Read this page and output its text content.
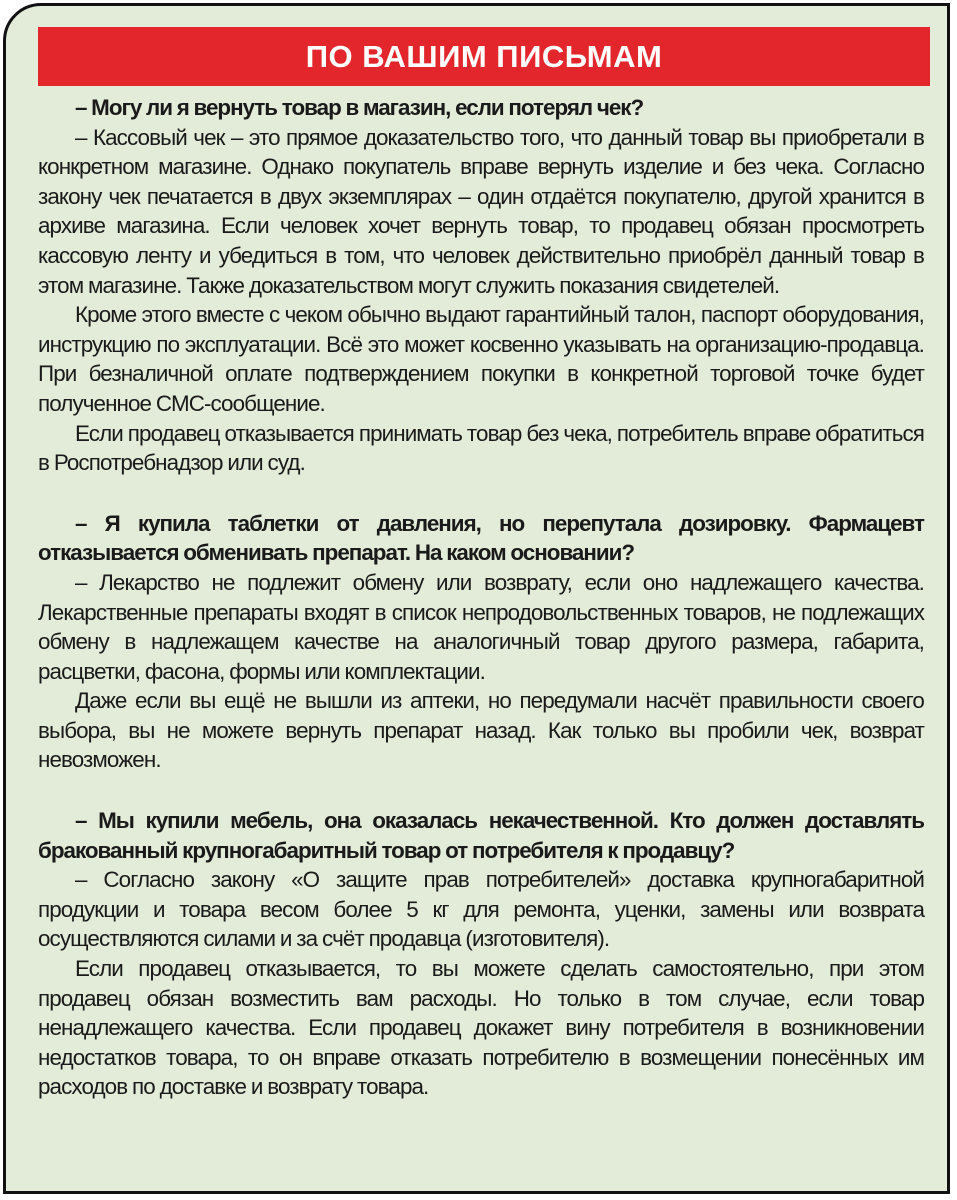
ПО ВАШИМ ПИСЬМАМ

– Могу ли я вернуть товар в магазин, если потерял чек?

– Кассовый чек – это прямое доказательство того, что данный товар вы приобретали в конкретном магазине. Однако покупатель вправе вернуть изделие и без чека. Согласно закону чек печатается в двух экземплярах – один отдаётся покупателю, другой хранится в архиве магазина. Если человек хочет вернуть товар, то продавец обязан просмотреть кассовую ленту и убедиться в том, что человек действительно приобрёл данный товар в этом магазине. Также доказательством могут служить показания свидетелей.

Кроме этого вместе с чеком обычно выдают гарантийный талон, паспорт оборудования, инструкцию по эксплуатации. Всё это может косвенно указывать на организацию-продавца. При безналичной оплате подтверждением покупки в конкретной торговой точке будет полученное СМС-сообщение.

Если продавец отказывается принимать товар без чека, потребитель вправе обратиться в Роспотребнадзор или суд.

– Я купила таблетки от давления, но перепутала дозировку. Фармацевт отказывается обменивать препарат. На каком основании?

– Лекарство не подлежит обмену или возврату, если оно надлежащего качества. Лекарственные препараты входят в список непродовольственных товаров, не подлежащих обмену в надлежащем качестве на аналогичный товар другого размера, габарита, расцветки, фасона, формы или комплектации.

Даже если вы ещё не вышли из аптеки, но передумали насчёт правильности своего выбора, вы не можете вернуть препарат назад. Как только вы пробили чек, возврат невозможен.

– Мы купили мебель, она оказалась некачественной. Кто должен доставлять бракованный крупногабаритный товар от потребителя к продавцу?

– Согласно закону «О защите прав потребителей» доставка крупногабаритной продукции и товара весом более 5 кг для ремонта, уценки, замены или возврата осуществляются силами и за счёт продавца (изготовителя).

Если продавец отказывается, то вы можете сделать самостоятельно, при этом продавец обязан возместить вам расходы. Но только в том случае, если товар ненадлежащего качества. Если продавец докажет вину потребителя в возникновении недостатков товара, то он вправе отказать потребителю в возмещении понесённых им расходов по доставке и возврату товара.
